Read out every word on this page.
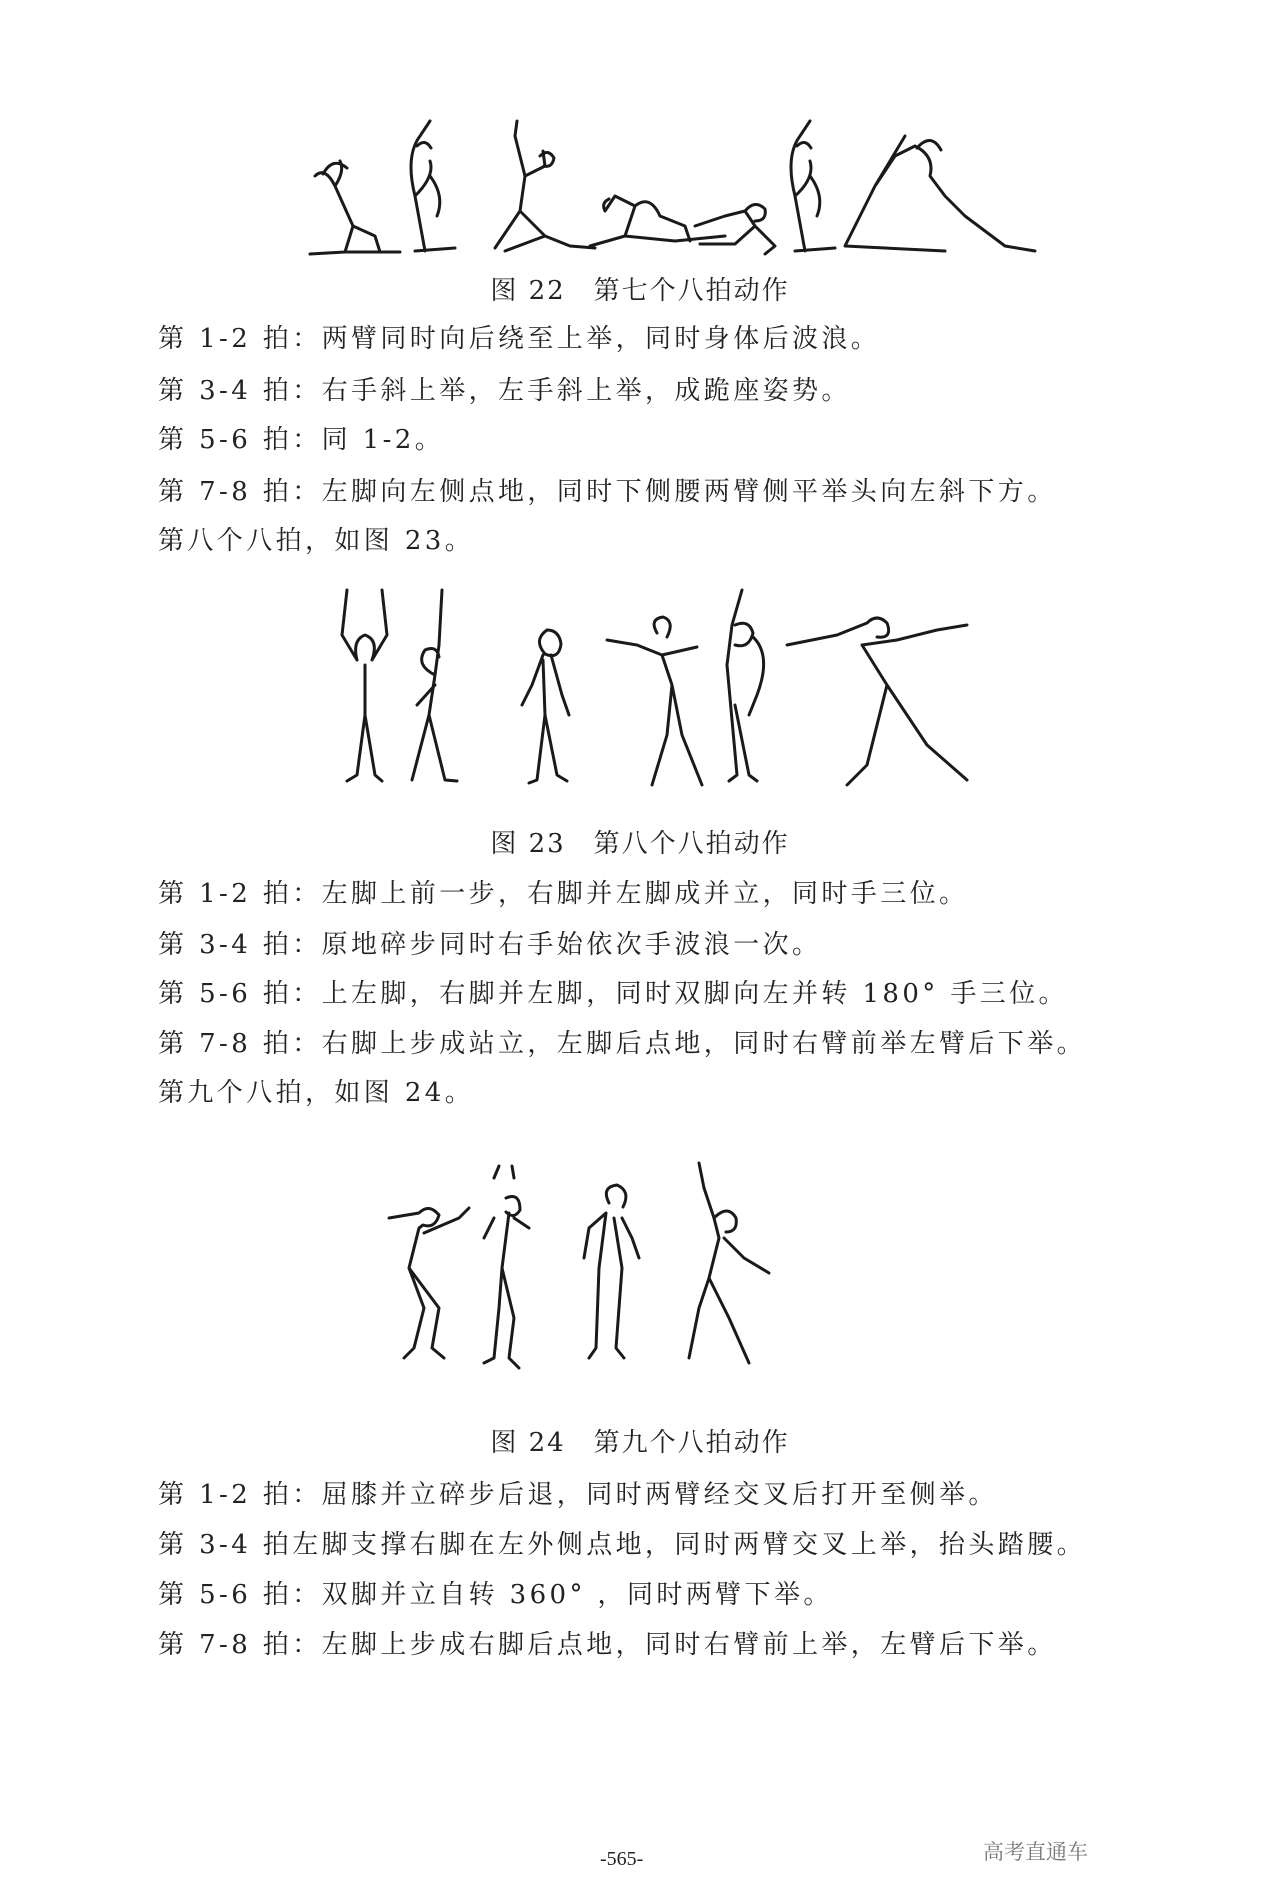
图 22 第七个八拍动作
第 1-2 拍：两臂同时向后绕至上举，同时身体后波浪。
第 3-4 拍：右手斜上举，左手斜上举，成跪座姿势。
第 5-6 拍：同 1-2。
第 7-8 拍：左脚向左侧点地，同时下侧腰两臂侧平举头向左斜下方。
第八个八拍，如图 23。
图 23 第八个八拍动作
第 1-2 拍：左脚上前一步，右脚并左脚成并立，同时手三位。
第 3-4 拍：原地碎步同时右手始依次手波浪一次。
第 5-6 拍：上左脚，右脚并左脚，同时双脚向左并转 180° 手三位。
第 7-8 拍：右脚上步成站立，左脚后点地，同时右臂前举左臂后下举。
第九个八拍，如图 24。
图 24 第九个八拍动作
第 1-2 拍：屈膝并立碎步后退，同时两臂经交叉后打开至侧举。
第 3-4 拍左脚支撑右脚在左外侧点地，同时两臂交叉上举，抬头踏腰。
第 5-6 拍：双脚并立自转 360° ，同时两臂下举。
第 7-8 拍：左脚上步成右脚后点地，同时右臂前上举，左臂后下举。
-565-	高考直通车
